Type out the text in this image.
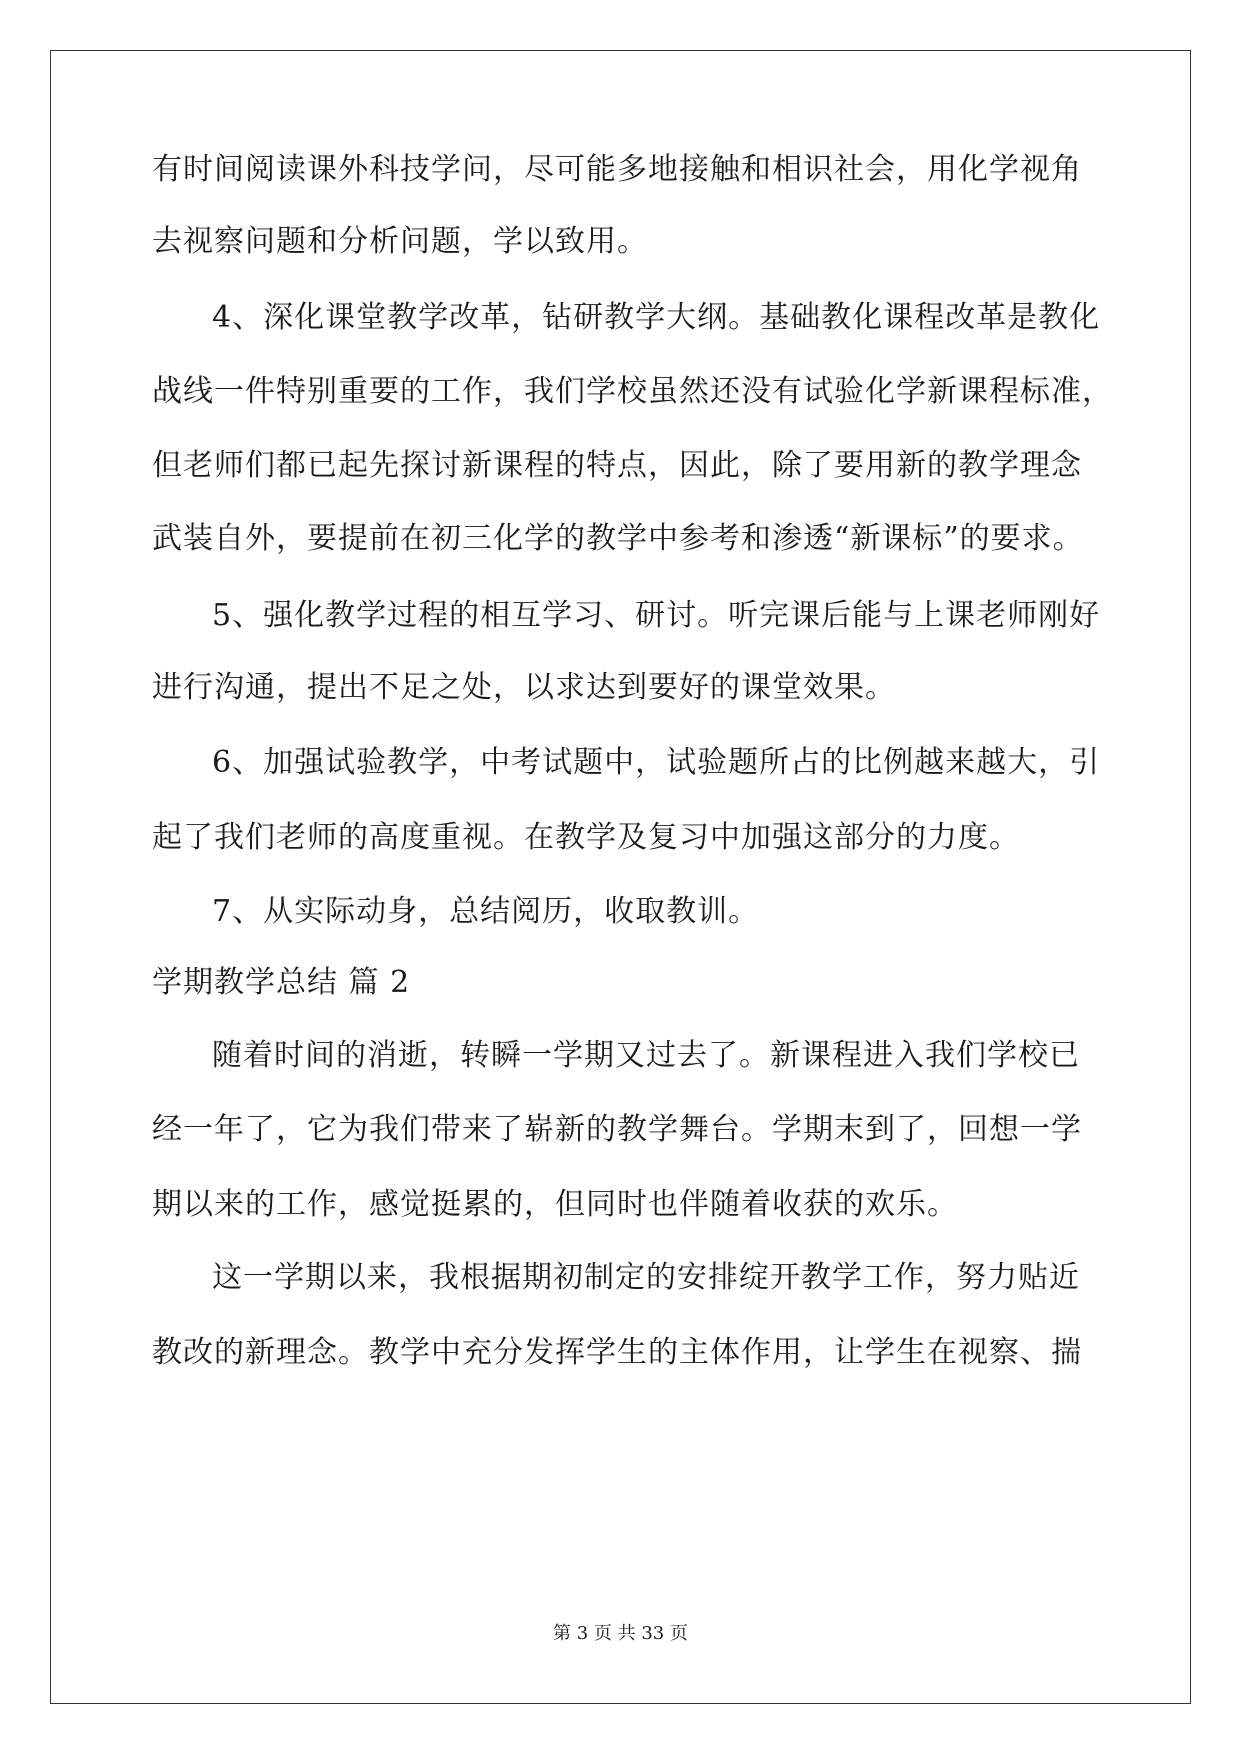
有时间阅读课外科技学问，尽可能多地接触和相识社会，用化学视角
去视察问题和分析问题，学以致用。
4、深化课堂教学改革，钻研教学大纲。基础教化课程改革是教化
战线一件特别重要的工作，我们学校虽然还没有试验化学新课程标准，
但老师们都已起先探讨新课程的特点，因此，除了要用新的教学理念
武装自外，要提前在初三化学的教学中参考和渗透“新课标”的要求。
5、强化教学过程的相互学习、研讨。听完课后能与上课老师刚好
进行沟通，提出不足之处，以求达到要好的课堂效果。
6、加强试验教学，中考试题中，试验题所占的比例越来越大，引
起了我们老师的高度重视。在教学及复习中加强这部分的力度。
7、从实际动身，总结阅历，收取教训。
学期教学总结 篇 2
随着时间的消逝，转瞬一学期又过去了。新课程进入我们学校已
经一年了，它为我们带来了崭新的教学舞台。学期末到了，回想一学
期以来的工作，感觉挺累的，但同时也伴随着收获的欢乐。
这一学期以来，我根据期初制定的安排绽开教学工作，努力贴近
教改的新理念。教学中充分发挥学生的主体作用，让学生在视察、揣
第 3 页 共 33 页
